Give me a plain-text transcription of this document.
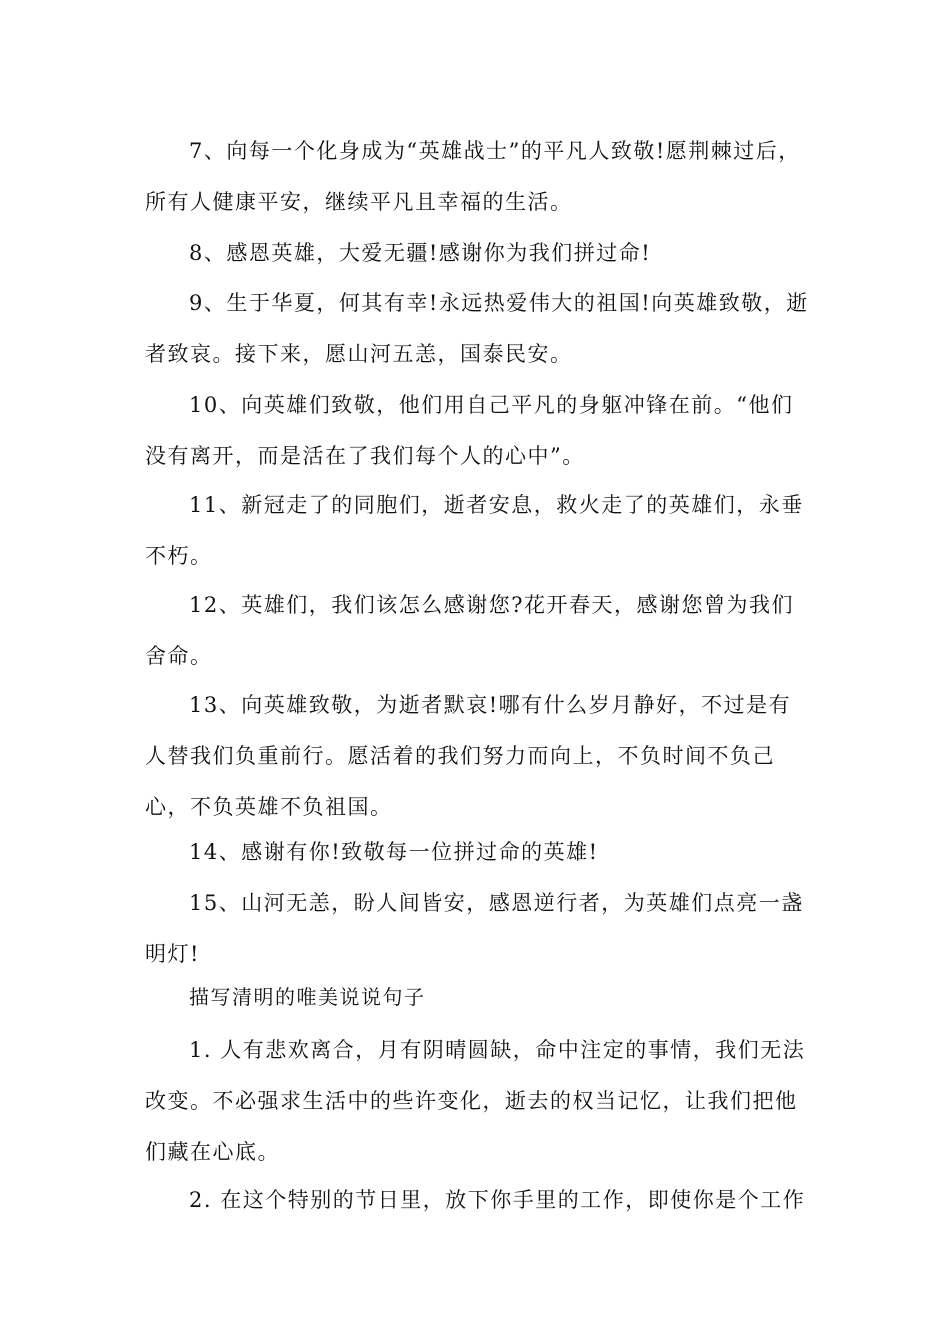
7、向每一个化身成为“英雄战士”的平凡人致敬!愿荆棘过后，所有人健康平安，继续平凡且幸福的生活。

8、感恩英雄，大爱无疆!感谢你为我们拼过命!

9、生于华夏，何其有幸!永远热爱伟大的祖国!向英雄致敬，逝者致哀。接下来，愿山河五恙，国泰民安。

10、向英雄们致敬，他们用自己平凡的身躯冲锋在前。“他们没有离开，而是活在了我们每个人的心中”。

11、新冠走了的同胞们，逝者安息，救火走了的英雄们，永垂不朽。

12、英雄们，我们该怎么感谢您?花开春天，感谢您曾为我们舍命。

13、向英雄致敬，为逝者默哀!哪有什么岁月静好，不过是有人替我们负重前行。愿活着的我们努力而向上，不负时间不负己心，不负英雄不负祖国。

14、感谢有你!致敬每一位拼过命的英雄!

15、山河无恙，盼人间皆安，感恩逆行者，为英雄们点亮一盏明灯!

描写清明的唯美说说句子

1. 人有悲欢离合，月有阴晴圆缺，命中注定的事情，我们无法改变。不必强求生活中的些许变化，逝去的权当记忆，让我们把他们藏在心底。

2. 在这个特别的节日里，放下你手里的工作，即使你是个工作
